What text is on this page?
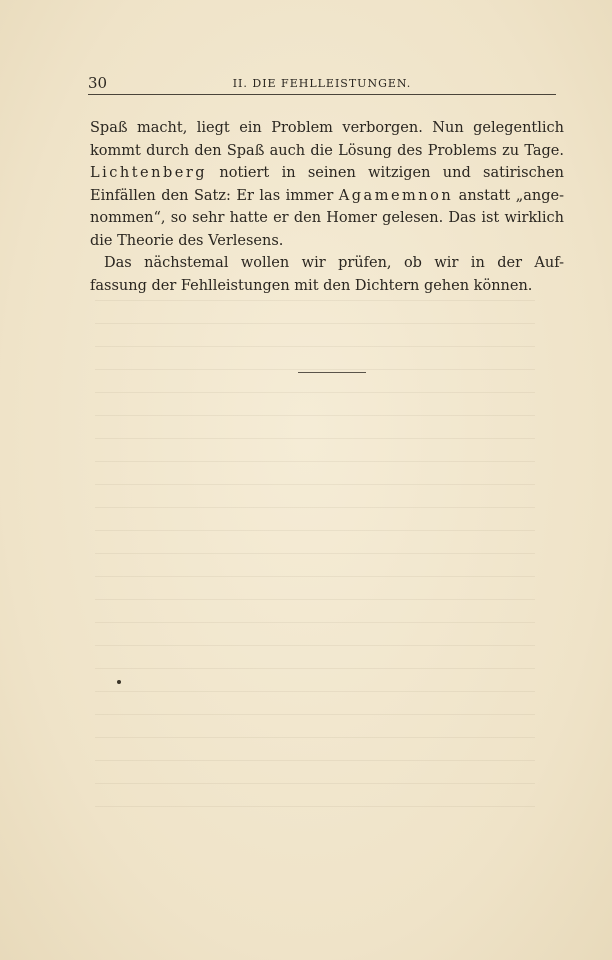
30	II. DIE FEHLLEISTUNGEN.
Spaß macht, liegt ein Problem verborgen. Nun gelegentlich
kommt durch den Spaß auch die Lösung des Problems zu Tage.
Lichtenberg notiert in seinen witzigen und satirischen
Einfällen den Satz: Er las immer Agamemnon anstatt „ange-
nommen“, so sehr hatte er den Homer gelesen. Das ist wirklich
die Theorie des Verlesens.
Das nächstemal wollen wir prüfen, ob wir in der Auf-
fassung der Fehlleistungen mit den Dichtern gehen können.
